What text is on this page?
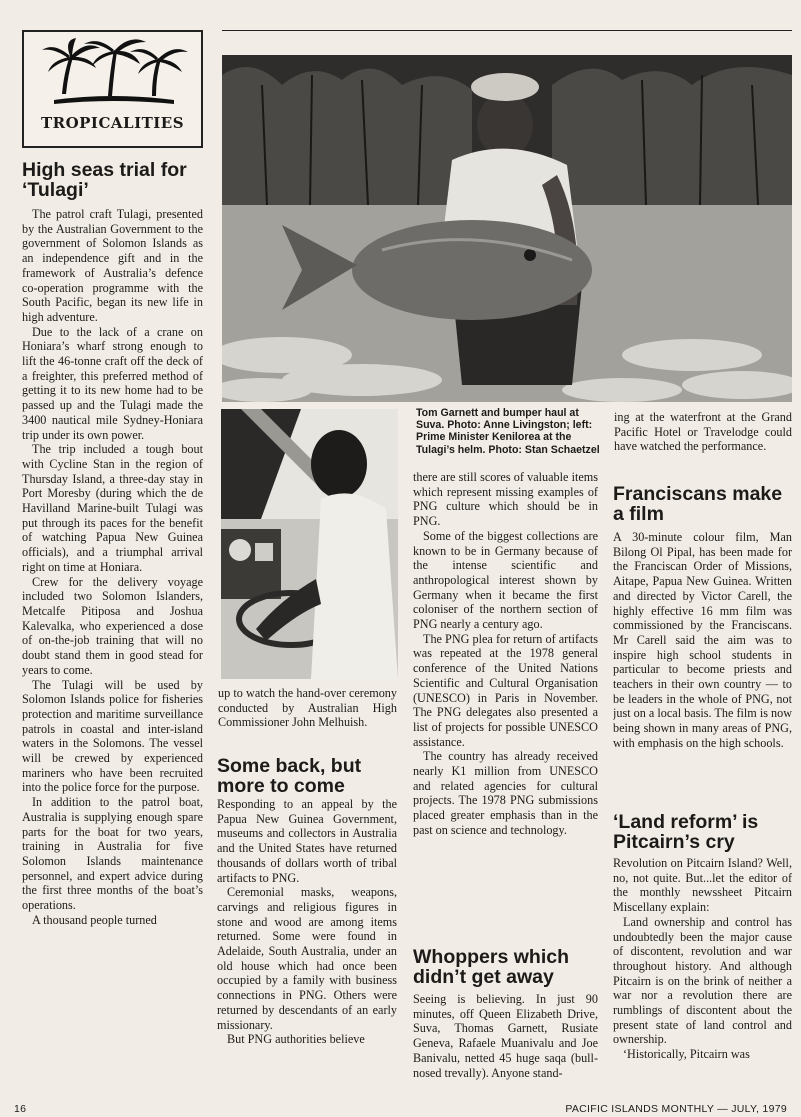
TROPICALITIES
High seas trial for ‘Tulagi’

The patrol craft Tulagi, presented by the Australian Government to the government of Solomon Islands as an independence gift and in the framework of Australia’s defence co-operation programme with the South Pacific, began its new life in high adventure.

Due to the lack of a crane on Honiara’s wharf strong enough to lift the 46-tonne craft off the deck of a freighter, this preferred method of getting it to its new home had to be passed up and the Tulagi made the 3400 nautical mile Sydney-Honiara trip under its own power.

The trip included a tough bout with Cycline Stan in the region of Thursday Island, a three-day stay in Port Moresby (during which the de Havilland Marine-built Tulagi was put through its paces for the benefit of watching Papua New Guinea officials), and a triumphal arrival right on time at Honiara.

Crew for the delivery voyage included two Solomon Islanders, Metcalfe Pitiposa and Joshua Kalevalka, who experienced a dose of on-the-job training that will no doubt stand them in good stead for years to come.

The Tulagi will be used by Solomon Islands police for fisheries protection and maritime surveillance patrols in coastal and inter-island waters in the Solomons. The vessel will be crewed by experienced mariners who have been recruited into the police force for the purpose.

In addition to the patrol boat, Australia is supplying enough spare parts for the boat for two years, training in Australia for five Solomon Islands maintenance personnel, and expert advice during the first three months of the boat’s operations.

A thousand people turned

up to watch the hand-over ceremony conducted by Australian High Commissioner John Melhuish.

Some back, but more to come

Responding to an appeal by the Papua New Guinea Government, museums and collectors in Australia and the United States have returned thousands of dollars worth of tribal artifacts to PNG.

Ceremonial masks, weapons, carvings and religious figures in stone and wood are among items returned. Some were found in Adelaide, South Australia, under an old house which had once been occupied by a family with business connections in PNG. Others were returned by descendants of an early missionary.

But PNG authorities believe

Tom Garnett and bumper haul at Suva. Photo: Anne Livingston; left: Prime Minister Kenilorea at the Tulagi’s helm. Photo: Stan Schaetzel

there are still scores of valuable items which represent missing examples of PNG culture which should be in PNG.

Some of the biggest collections are known to be in Germany because of the intense scientific and anthropological interest shown by Germany when it became the first coloniser of the northern section of PNG nearly a century ago.

The PNG plea for return of artifacts was repeated at the 1978 general conference of the United Nations Scientific and Cultural Organisation (UNESCO) in Paris in November. The PNG delegates also presented a list of projects for possible UNESCO assistance.

The country has already received nearly K1 million from UNESCO and related agencies for cultural projects. The 1978 PNG submissions placed greater emphasis than in the past on science and technology.

Whoppers which didn’t get away

Seeing is believing. In just 90 minutes, off Queen Elizabeth Drive, Suva, Thomas Garnett, Rusiate Geneva, Rafaele Muanivalu and Joe Banivalu, netted 45 huge saqa (bull-nosed trevally). Anyone stand-

ing at the waterfront at the Grand Pacific Hotel or Travelodge could have watched the performance.

Franciscans make a film

A 30-minute colour film, Man Bilong Ol Pipal, has been made for the Franciscan Order of Missions, Aitape, Papua New Guinea. Written and directed by Victor Carell, the highly effective 16 mm film was commissioned by the Franciscans. Mr Carell said the aim was to inspire high school students in particular to become priests and teachers in their own country — to be leaders in the whole of PNG, not just on a local basis. The film is now being shown in many areas of PNG, with emphasis on the high schools.

‘Land reform’ is Pitcairn’s cry

Revolution on Pitcairn Island? Well, no, not quite. But...let the editor of the monthly newssheet Pitcairn Miscellany explain:

Land ownership and control has undoubtedly been the major cause of discontent, revolution and war throughout history. And although Pitcairn is on the brink of neither a war nor a revolution there are rumblings of discontent about the present state of land control and ownership.

‘Historically, Pitcairn was

16	PACIFIC ISLANDS MONTHLY — JULY, 1979
